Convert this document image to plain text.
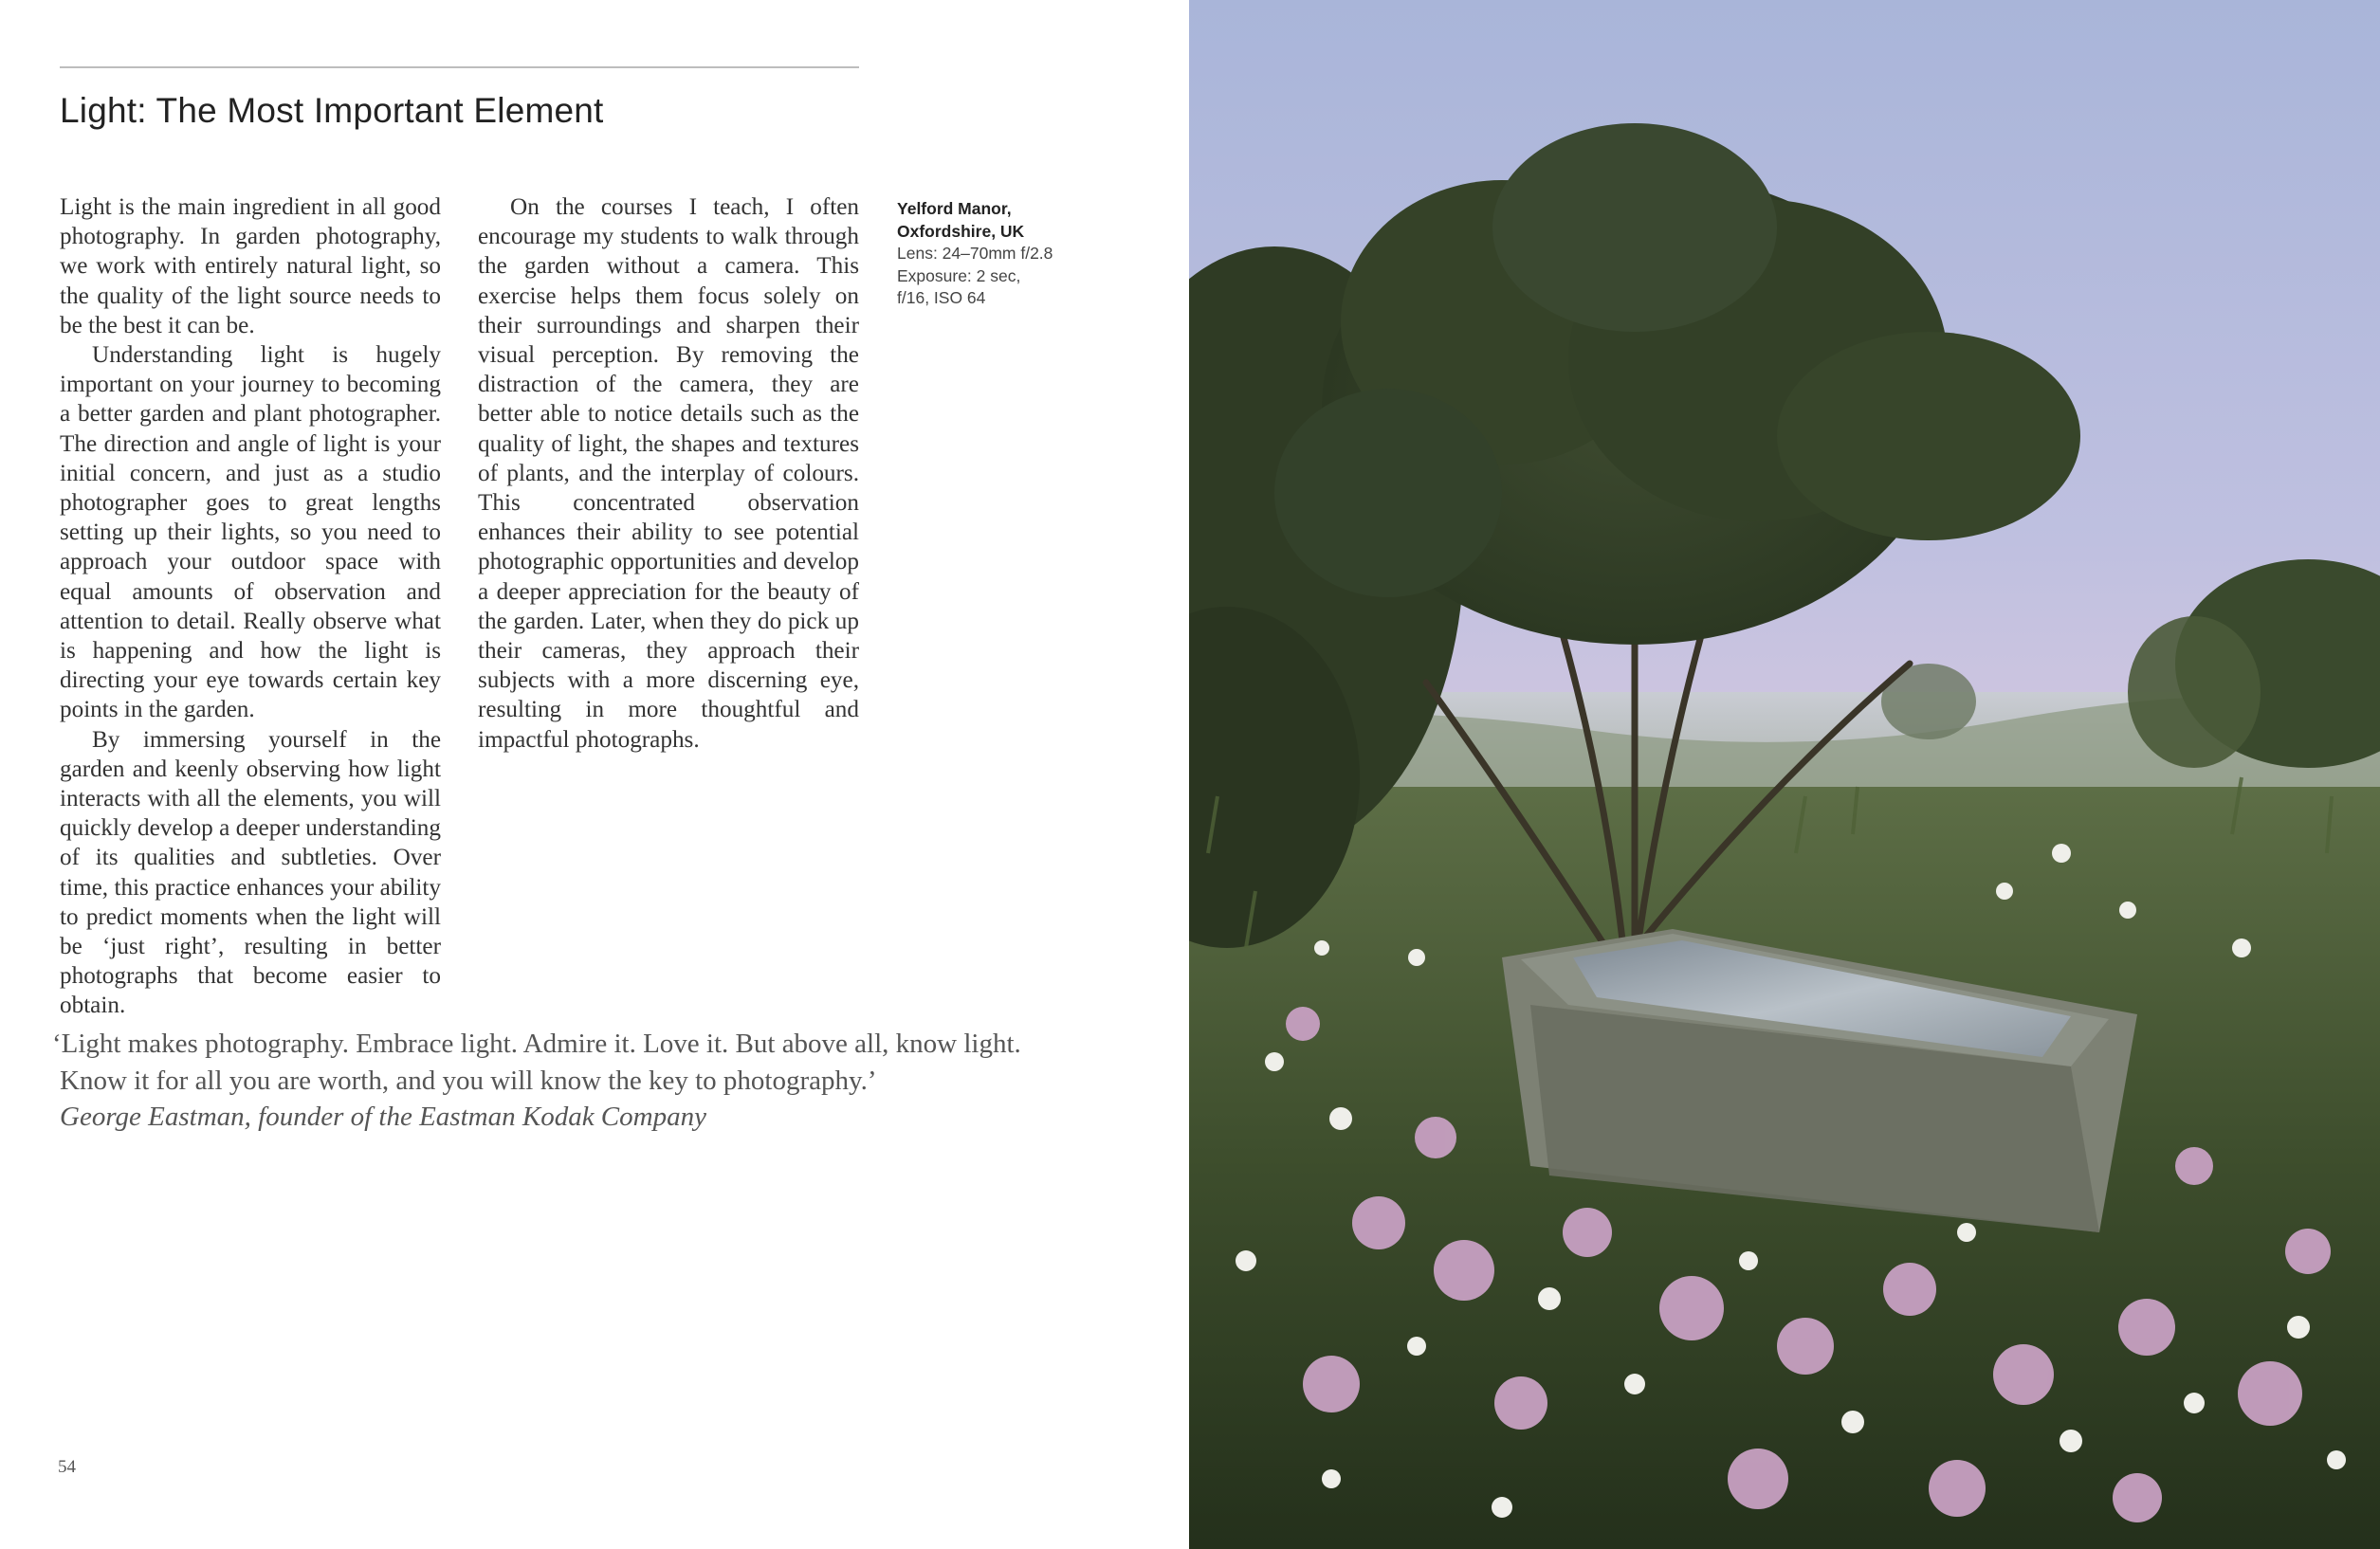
Light: The Most Important Element

Light is the main ingredient in all good photography. In garden photography, we work with entirely natural light, so the quality of the light source needs to be the best it can be.

Understanding light is hugely important on your journey to becoming a better garden and plant photographer. The direction and angle of light is your initial concern, and just as a studio photographer goes to great lengths setting up their lights, so you need to approach your outdoor space with equal amounts of observation and attention to detail. Really observe what is happening and how the light is directing your eye towards certain key points in the garden.

By immersing yourself in the garden and keenly observing how light interacts with all the elements, you will quickly develop a deeper understanding of its qualities and subtleties. Over time, this practice enhances your ability to predict moments when the light will be ‘just right’, resulting in better photographs that become easier to obtain.

On the courses I teach, I often encourage my students to walk through the garden without a camera. This exercise helps them focus solely on their surroundings and sharpen their visual perception. By removing the distraction of the camera, they are better able to notice details such as the quality of light, the shapes and textures of plants, and the interplay of colours. This concentrated observation enhances their ability to see potential photographic opportunities and develop a deeper appreciation for the beauty of the garden. Later, when they do pick up their cameras, they approach their subjects with a more discerning eye, resulting in more thoughtful and impactful photographs.

Yelford Manor,
Oxfordshire, UK
Lens: 24–70mm f/2.8
Exposure: 2 sec,
f/16, ISO 64
‘Light makes photography. Embrace light. Admire it. Love it. But above all, know light.
Know it for all you are worth, and you will know the key to photography.’
George Eastman, founder of the Eastman Kodak Company
54
